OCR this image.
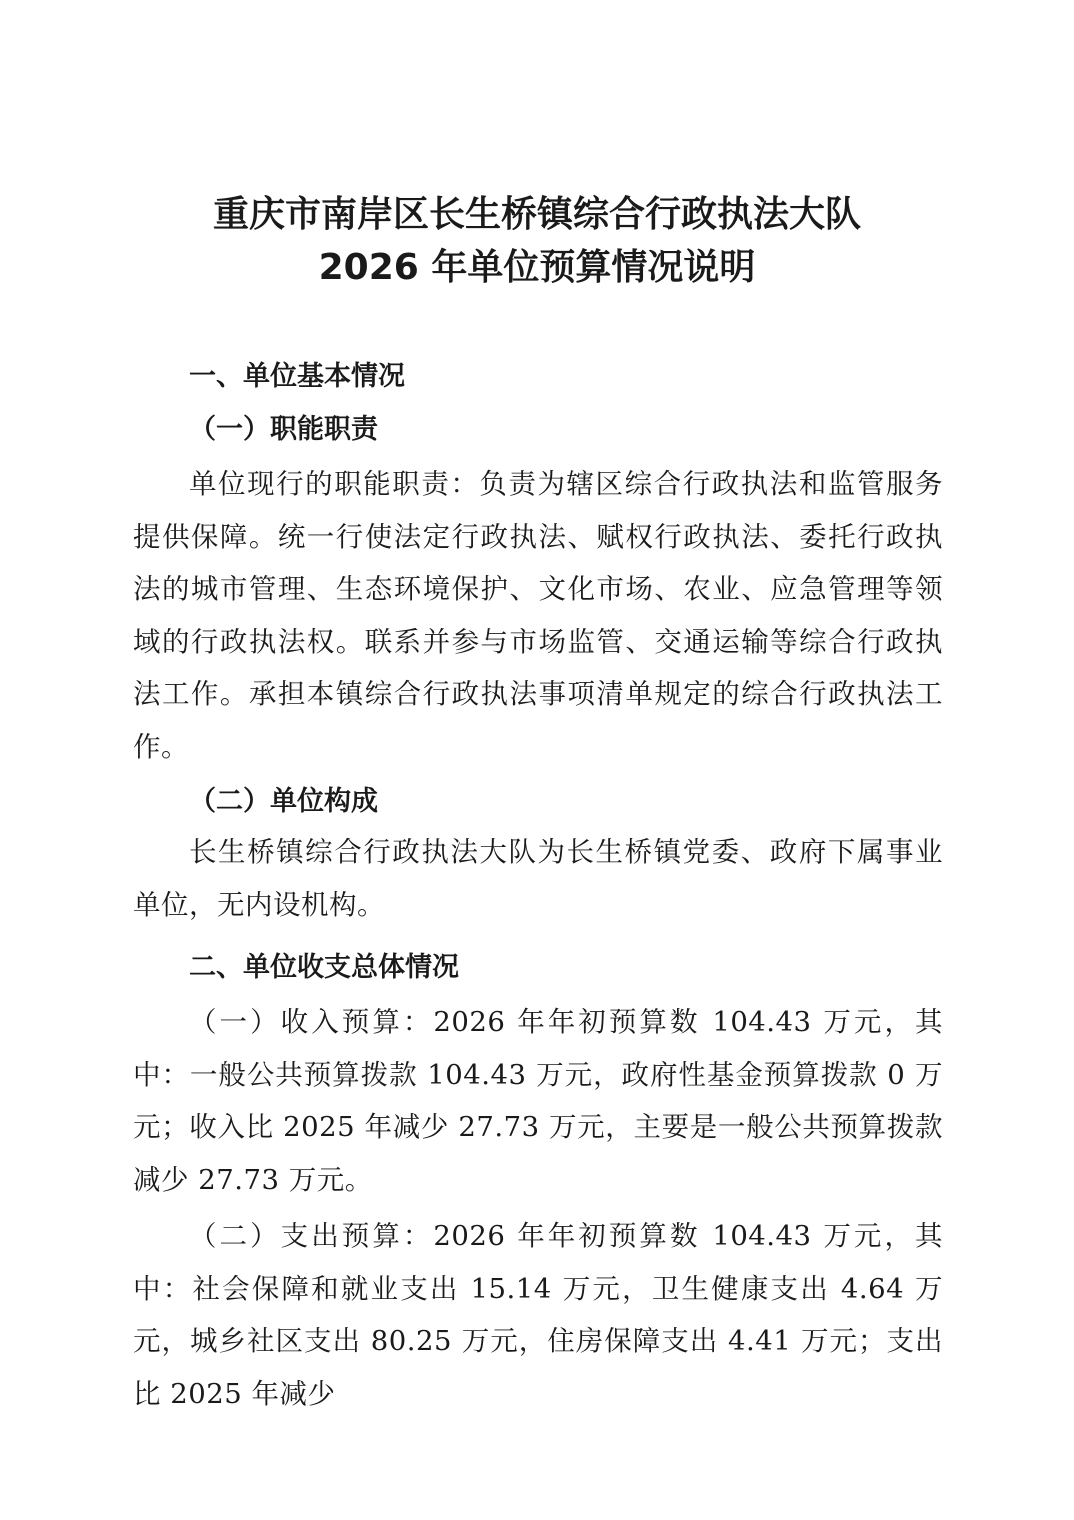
重庆市南岸区长生桥镇综合行政执法大队
2026 年单位预算情况说明
一、单位基本情况
（一）职能职责

单位现行的职能职责：负责为辖区综合行政执法和监管服务提供保障。统一行使法定行政执法、赋权行政执法、委托行政执法的城市管理、生态环境保护、文化市场、农业、应急管理等领域的行政执法权。联系并参与市场监管、交通运输等综合行政执法工作。承担本镇综合行政执法事项清单规定的综合行政执法工作。

（二）单位构成

长生桥镇综合行政执法大队为长生桥镇党委、政府下属事业单位，无内设机构。

二、单位收支总体情况

（一）收入预算：2026 年年初预算数 104.43 万元，其中：一般公共预算拨款 104.43 万元，政府性基金预算拨款 0 万元；收入比 2025 年减少 27.73 万元，主要是一般公共预算拨款减少 27.73 万元。

（二）支出预算：2026 年年初预算数 104.43 万元，其中：社会保障和就业支出 15.14 万元，卫生健康支出 4.64 万元，城乡社区支出 80.25 万元，住房保障支出 4.41 万元；支出比 2025 年减少
